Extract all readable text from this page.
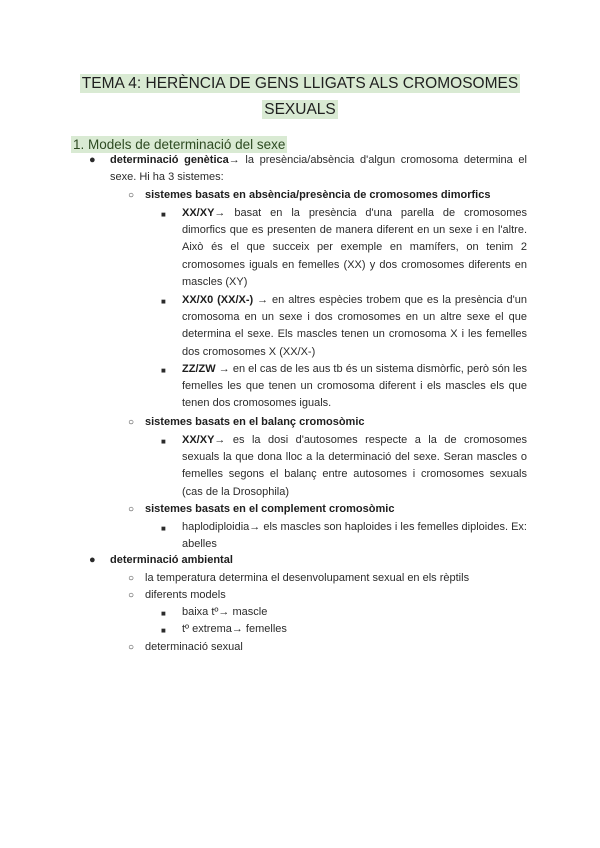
TEMA 4: HERÈNCIA DE GENS LLIGATS ALS CROMOSOMES
SEXUALS
1. Models de determinació del sexe
● determinació genètica→ la presència/absència d'algun cromosoma determina el sexe. Hi ha 3 sistemes:
○ sistemes basats en absència/presència de cromosomes dimorfics
■ XX/XY→ basat en la presència d'una parella de cromosomes dimorfics que es presenten de manera diferent en un sexe i en l'altre. Això és el que succeix per exemple en mamífers, on tenim 2 cromosomes iguals en femelles (XX) y dos cromosomes diferents en mascles (XY)
■ XX/X0 (XX/X-) → en altres espècies trobem que es la presència d'un cromosoma en un sexe i dos cromosomes en un altre sexe el que determina el sexe. Els mascles tenen un cromosoma X i les femelles dos cromosomes X (XX/X-)
■ ZZ/ZW → en el cas de les aus tb és un sistema dismòrfic, però són les femelles les que tenen un cromosoma diferent i els mascles els que tenen dos cromosomes iguals.
○ sistemes basats en el balanç cromosòmic
■ XX/XY→ es la dosi d'autosomes respecte a la de cromosomes sexuals la que dona lloc a la determinació del sexe. Seran mascles o femelles segons el balanç entre autosomes i cromosomes sexuals (cas de la Drosophila)
○ sistemes basats en el complement cromosòmic
■ haplodiploidia→ els mascles son haploides i les femelles diploides. Ex: abelles
● determinació ambiental
○ la temperatura determina el desenvolupament sexual en els rèptils
○ diferents models
■ baixa tº→ mascle
■ tº extrema→ femelles
○ determinació sexual
